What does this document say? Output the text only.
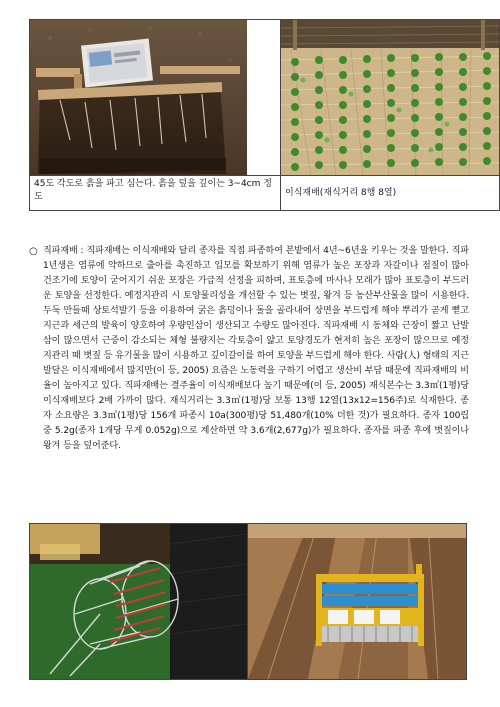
45도 각도로 흙을 파고 심는다. 흙을 덮을 깊이는 3~4cm 정도	이식재배(재식거리 8행 8열)
○ 직파재배 : 직파재배는 이식재배와 달리 종자를 직접 파종하여 본밭에서 4년~6년을 키우는 것을 말한다. 직파 1년생은 염류에 약하므로 출아를 촉진하고 입모를 확보하기 위해 염류가 높은 포장과 자갈이나 점질이 많아 건조기에 토양이 굳어지기 쉬운 포장은 가급적 선정을 피하며, 표토층에 마사나 모래가 많아 표토층이 부드러운 토양을 선정한다. 예정지관리 시 토양물리성을 개선할 수 있는 볏짚, 왕겨 등 농산부산물을 많이 시용한다. 두둑 만들때 상토석발기 등을 이용하여 굵은 흙덩이나 돌을 골라내어 상면을 부드럽게 해야 뿌리가 곧게 뻗고 지근과 세근의 발육이 양호하여 우량인삼이 생산되고 수량도 많아진다. 직파재배 시 동체와 근장이 짧고 난발삼이 많으면서 근중이 감소되는 체형 불량지는 각토층이 얇고 토양경도가 현저히 높은 포장이 많으므로 예정지관리 때 볏짚 등 유기물을 많이 시용하고 깊이갈이를 하여 토양을 부드럽게 해야 한다. 사람(人) 형태의 지근 발달은 이식재배에서 많지만(이 등, 2005) 요즘은 노동력을 구하기 어렵고 생산비 부담 때문에 직파재배의 비율이 높아지고 있다. 직파재배는 결주율이 이식재배보다 높기 때문에(이 등, 2005) 재식본수는 3.3㎡(1평)당 이식재배보다 2배 가까이 많다. 재식거리는 3.3㎡(1평)당 보통 13행 12열(13x12=156주)로 식재한다. 종자 소요량은 3.3㎡(1평)당 156개 파종시 10a(300평)당 51,480개(10% 더한 것)가 필요하다. 종자 100립중 5.2g(종자 1개당 무게 0.052g)으로 계산하면 약 3.6개(2,677g)가 필요하다. 종자를 파종 후에 볏짚이나 왕겨 등을 덮어준다.
